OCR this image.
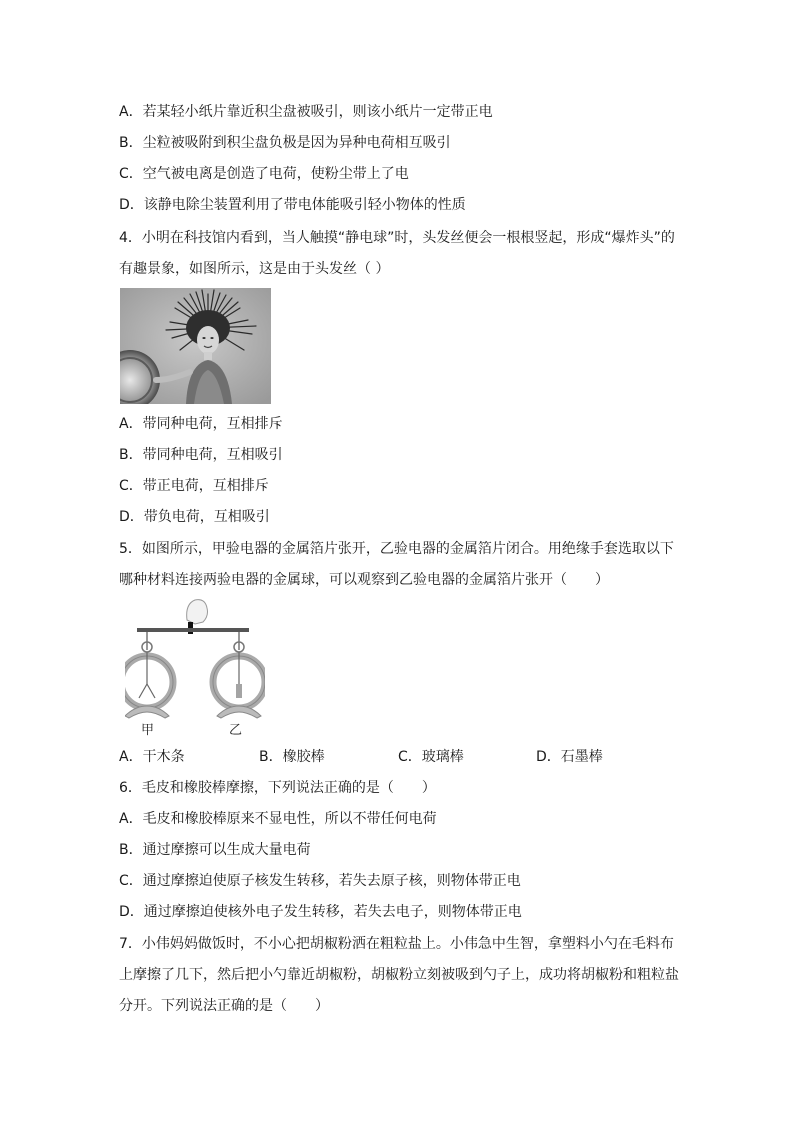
A．若某轻小纸片靠近积尘盘被吸引，则该小纸片一定带正电
B．尘粒被吸附到积尘盘负极是因为异种电荷相互吸引
C．空气被电离是创造了电荷，使粉尘带上了电
D．该静电除尘装置利用了带电体能吸引轻小物体的性质
4．小明在科技馆内看到，当人触摸“静电球”时，头发丝便会一根根竖起，形成“爆炸头”的
有趣景象，如图所示，这是由于头发丝（ ）
A．带同种电荷，互相排斥
B．带同种电荷，互相吸引
C．带正电荷，互相排斥
D．带负电荷，互相吸引
5．如图所示，甲验电器的金属箔片张开，乙验电器的金属箔片闭合。用绝缘手套选取以下
哪种材料连接两验电器的金属球，可以观察到乙验电器的金属箔片张开（　　）
甲	乙
A．干木条	B．橡胶棒	C．玻璃棒	D．石墨棒
6．毛皮和橡胶棒摩擦，下列说法正确的是（　　）
A．毛皮和橡胶棒原来不显电性，所以不带任何电荷
B．通过摩擦可以生成大量电荷
C．通过摩擦迫使原子核发生转移，若失去原子核，则物体带正电
D．通过摩擦迫使核外电子发生转移，若失去电子，则物体带正电
7．小伟妈妈做饭时，不小心把胡椒粉洒在粗粒盐上。小伟急中生智，拿塑料小勺在毛料布
上摩擦了几下，然后把小勺靠近胡椒粉，胡椒粉立刻被吸到勺子上，成功将胡椒粉和粗粒盐
分开。下列说法正确的是（　　）
